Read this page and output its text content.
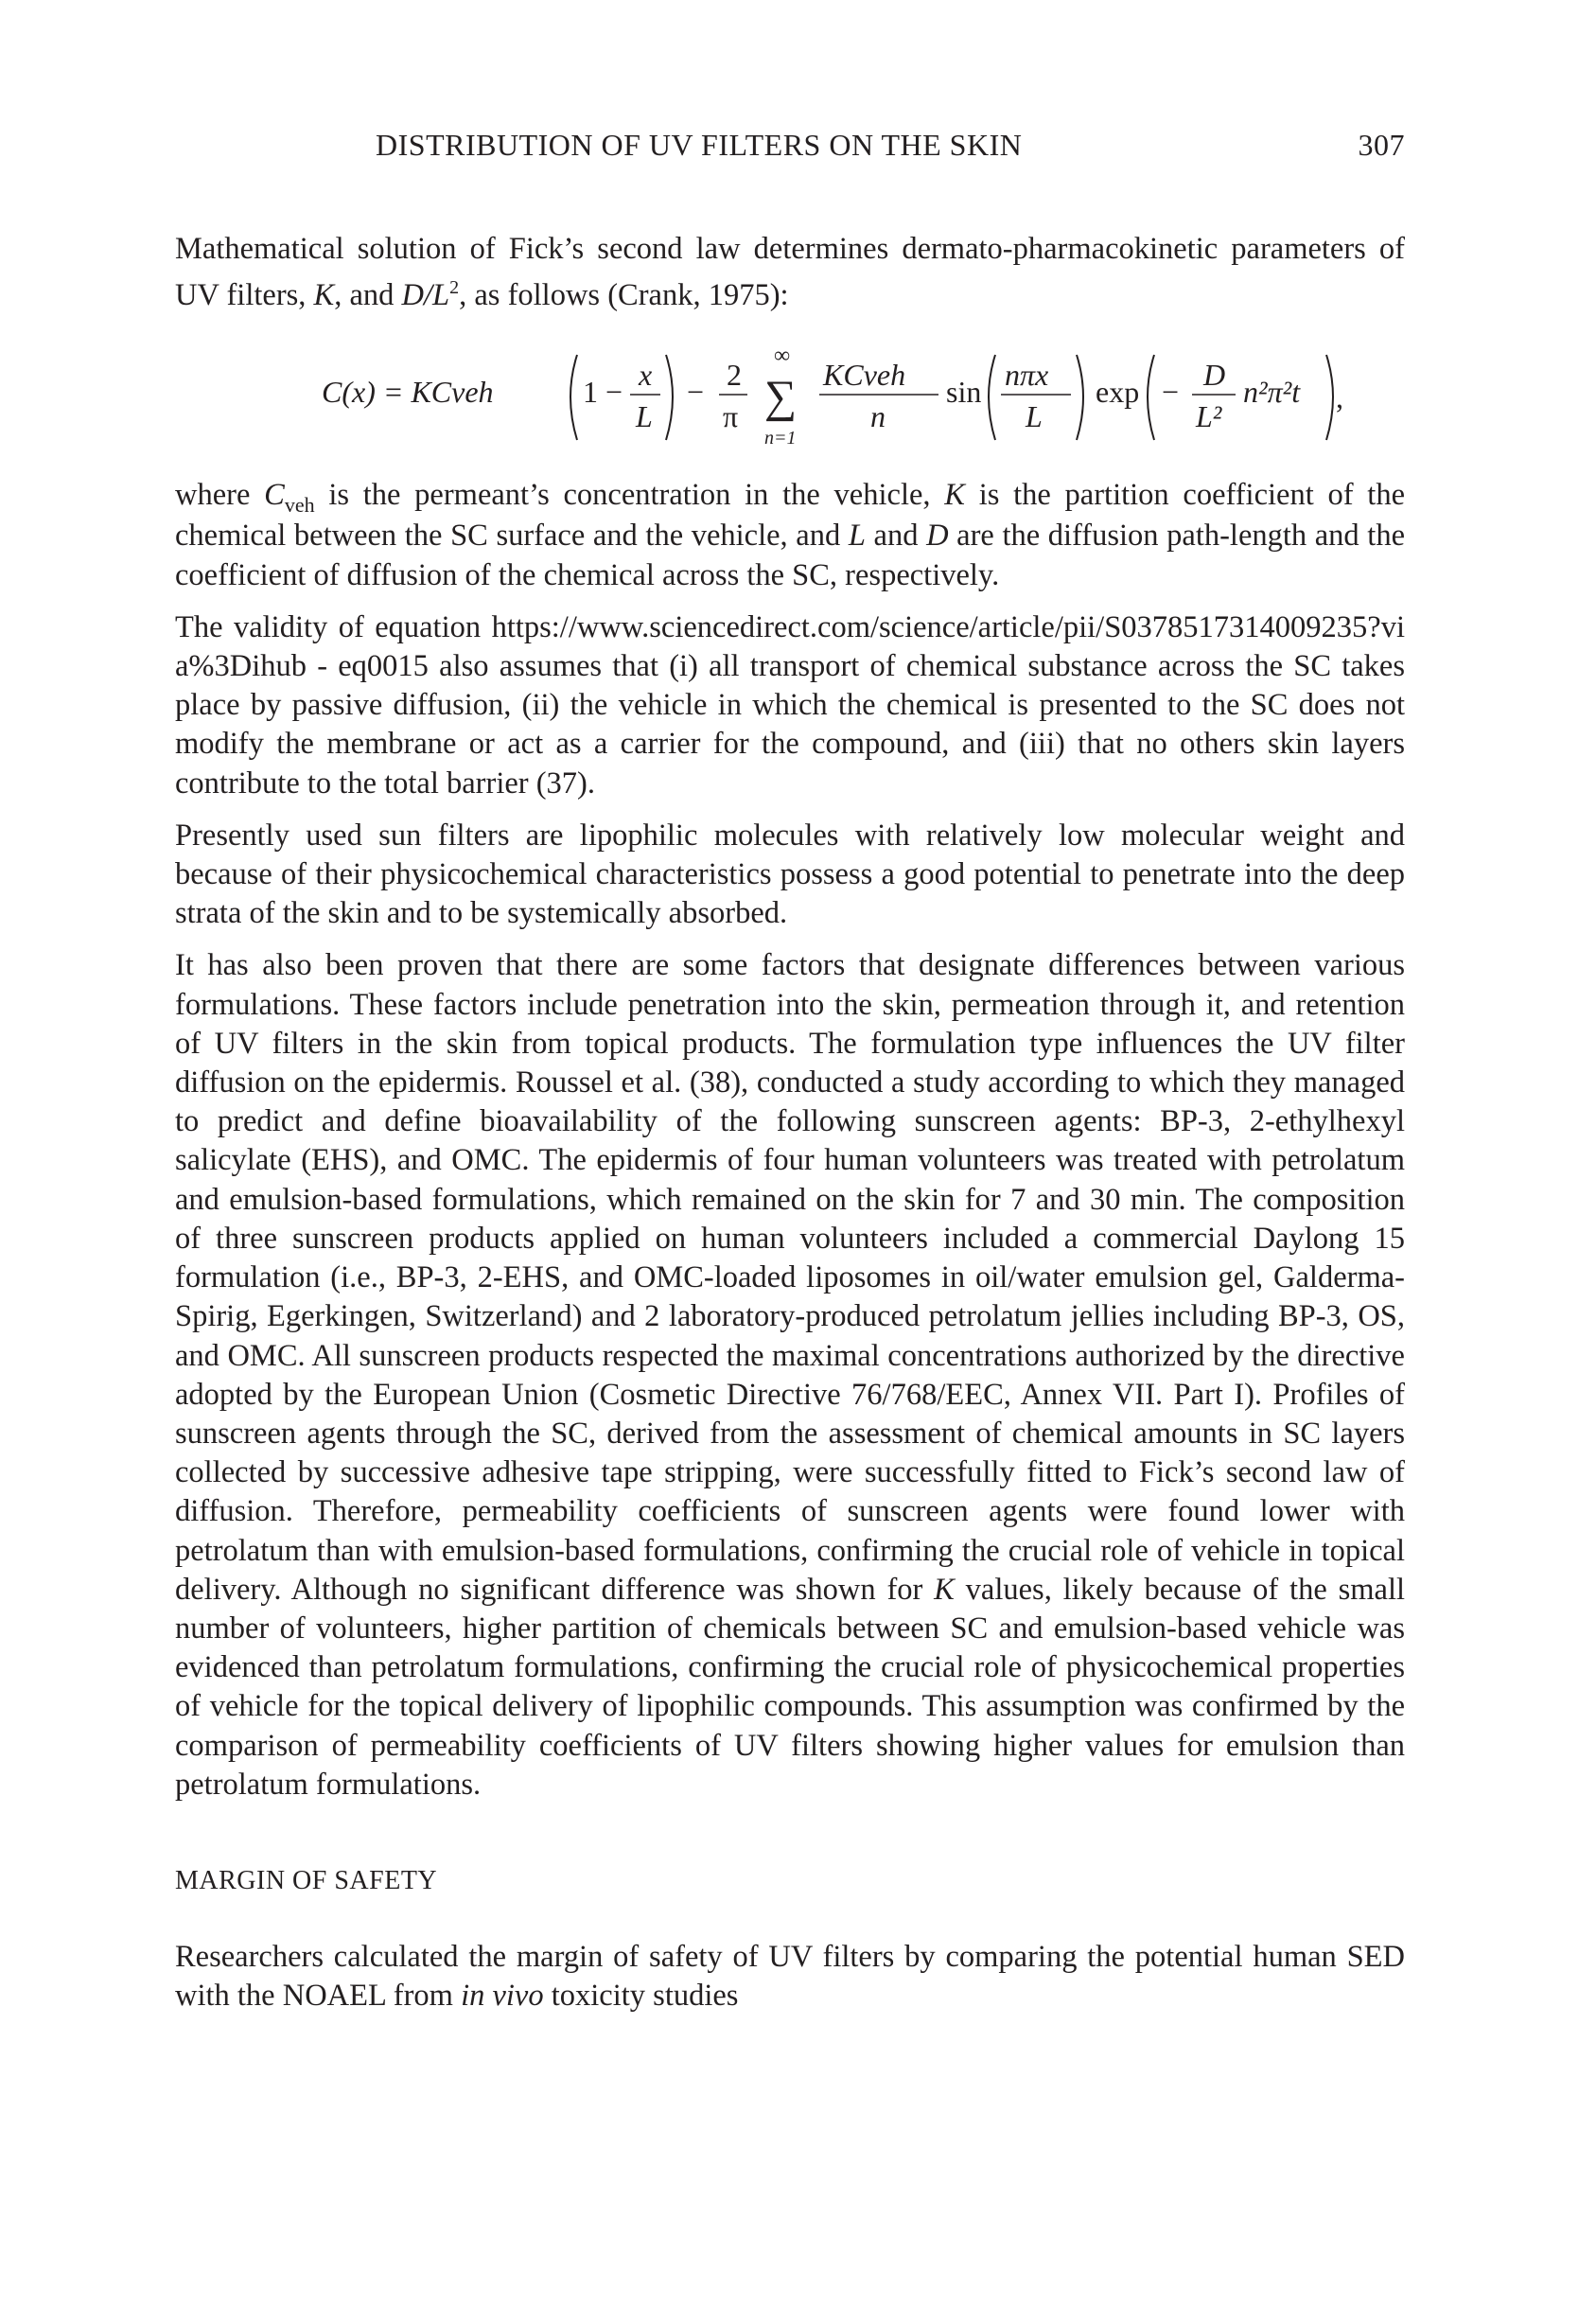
DISTRIBUTION OF UV FILTERS ON THE SKIN	307

Mathematical solution of Fick’s second law determines dermato-pharmacokinetic parameters of UV filters, K, and $D/L^2$, as follows (Crank, 1975):

C(x) = KCveh	1 − x
L
− 2
π
∞
∑
n=1
KCveh
n
sin nπx
L
exp − D
L²
n²π²t ,

where $C_{veh}$ is the permeant’s concentration in the vehicle, K is the partition coefficient of the chemical between the SC surface and the vehicle, and L and D are the diffusion path-length and the coefficient of diffusion of the chemical across the SC, respectively.

The validity of equation https://www.sciencedirect.com/science/article/pii/S0378517314009235?via%3Dihub - eq0015 also assumes that (i) all transport of chemical substance across the SC takes place by passive diffusion, (ii) the vehicle in which the chemical is presented to the SC does not modify the membrane or act as a carrier for the compound, and (iii) that no others skin layers contribute to the total barrier (37).

Presently used sun filters are lipophilic molecules with relatively low molecular weight and because of their physicochemical characteristics possess a good potential to penetrate into the deep strata of the skin and to be systemically absorbed.

It has also been proven that there are some factors that designate differences between various formulations. These factors include penetration into the skin, permeation through it, and retention of UV filters in the skin from topical products. The formulation type influences the UV filter diffusion on the epidermis. Roussel et al. (38), conducted a study according to which they managed to predict and define bioavailability of the following sunscreen agents: BP-3, 2-ethylhexyl salicylate (EHS), and OMC. The epidermis of four human volunteers was treated with petrolatum and emulsion-based formulations, which remained on the skin for 7 and 30 min. The composition of three sunscreen products applied on human volunteers included a commercial Daylong 15 formulation (i.e., BP-3, 2-EHS, and OMC-loaded liposomes in oil/water emulsion gel, Galderma-Spirig, Egerkingen, Switzerland) and 2 laboratory-produced petrolatum jellies including BP-3, OS, and OMC. All sunscreen products respected the maximal concentrations authorized by the directive adopted by the European Union (Cosmetic Directive 76/768/EEC, Annex VII. Part I). Profiles of sunscreen agents through the SC, derived from the assessment of chemical amounts in SC layers collected by successive adhesive tape stripping, were successfully fitted to Fick’s second law of diffusion. Therefore, permeability coefficients of sunscreen agents were found lower with petrolatum than with emulsion-based formulations, confirming the crucial role of vehicle in topical delivery. Although no significant difference was shown for K values, likely because of the small number of volunteers, higher partition of chemicals between SC and emulsion-based vehicle was evidenced than petrolatum formulations, confirming the crucial role of physicochemical properties of vehicle for the topical delivery of lipophilic compounds. This assumption was confirmed by the comparison of permeability coefficients of UV filters showing higher values for emulsion than petrolatum formulations.

MARGIN OF SAFETY

Researchers calculated the margin of safety of UV filters by comparing the potential human SED with the NOAEL from in vivo toxicity studies
